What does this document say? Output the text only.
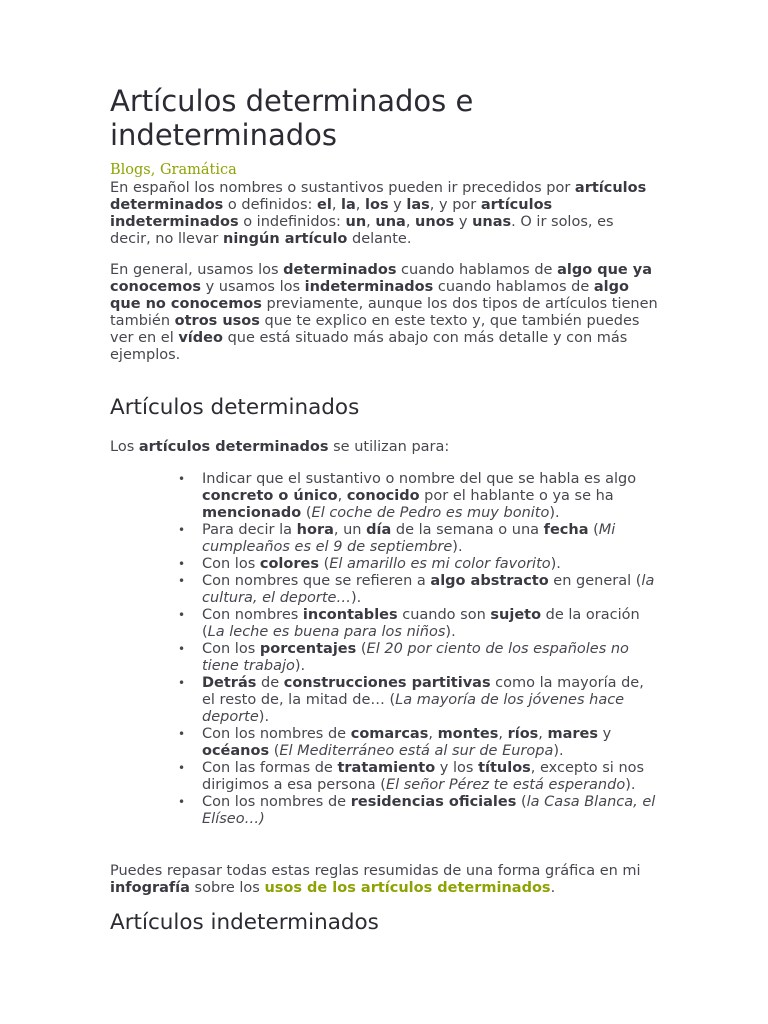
Artículos determinados e indeterminados
Blogs, Gramática

En español los nombres o sustantivos pueden ir precedidos por artículos determinados o definidos: el, la, los y las, y por artículos indeterminados o indefinidos: un, una, unos y unas. O ir solos, es decir, no llevar ningún artículo delante.

En general, usamos los determinados cuando hablamos de algo que ya conocemos y usamos los indeterminados cuando hablamos de algo que no conocemos previamente, aunque los dos tipos de artículos tienen también otros usos que te explico en este texto y, que también puedes ver en el vídeo que está situado más abajo con más detalle y con más ejemplos.

Artículos determinados

Los artículos determinados se utilizan para:

• Indicar que el sustantivo o nombre del que se habla es algo concreto o único, conocido por el hablante o ya se ha mencionado (El coche de Pedro es muy bonito).
• Para decir la hora, un día de la semana o una fecha (Mi cumpleaños es el 9 de septiembre).
• Con los colores (El amarillo es mi color favorito).
• Con nombres que se refieren a algo abstracto en general (la cultura, el deporte…).
• Con nombres incontables cuando son sujeto de la oración (La leche es buena para los niños).
• Con los porcentajes (El 20 por ciento de los españoles no tiene trabajo).
• Detrás de construcciones partitivas como la mayoría de, el resto de, la mitad de… (La mayoría de los jóvenes hace deporte).
• Con los nombres de comarcas, montes, ríos, mares y océanos (El Mediterráneo está al sur de Europa).
• Con las formas de tratamiento y los títulos, excepto si nos dirigimos a esa persona (El señor Pérez te está esperando).
• Con los nombres de residencias oficiales (la Casa Blanca, el Elíseo…)

Puedes repasar todas estas reglas resumidas de una forma gráfica en mi infografía sobre los usos de los artículos determinados.

Artículos indeterminados
